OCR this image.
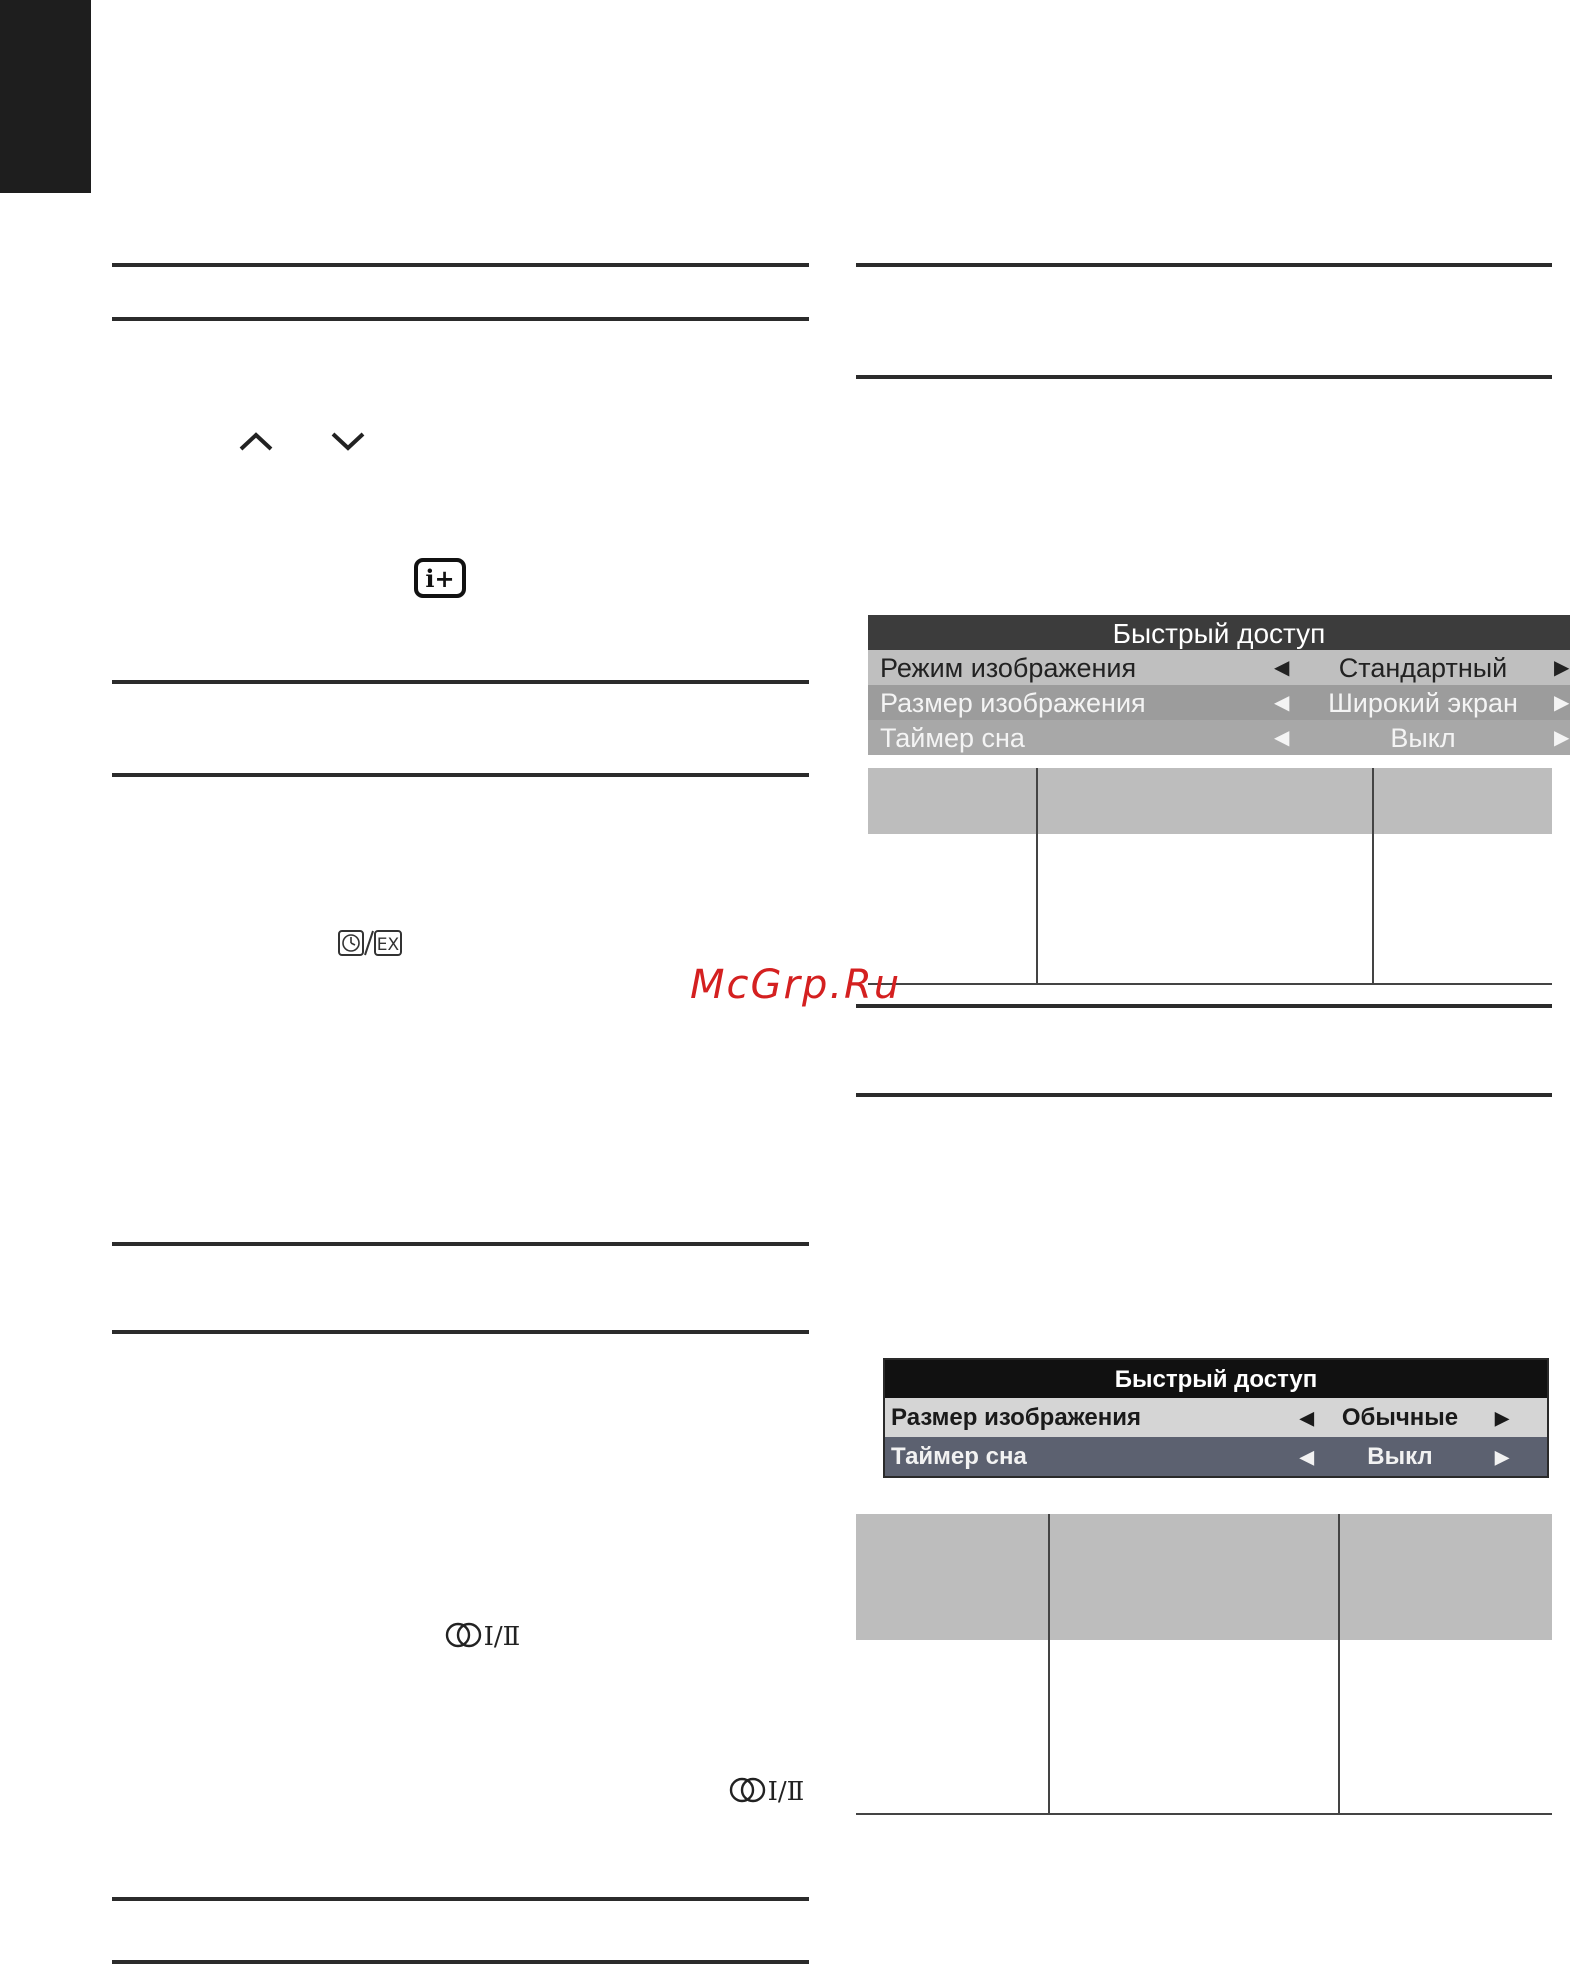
i+
EX
I/Ⅱ
I/Ⅱ
Быстрый доступ
Режим изображения	◀	Стандартный	▶
Размер изображения	◀	Широкий экран	▶
Таймер сна	◀	Выкл	▶

McGrp.Ru
Быстрый доступ
Размер изображения	◀	Обычные	▶
Таймер сна	◀	Выкл	▶
